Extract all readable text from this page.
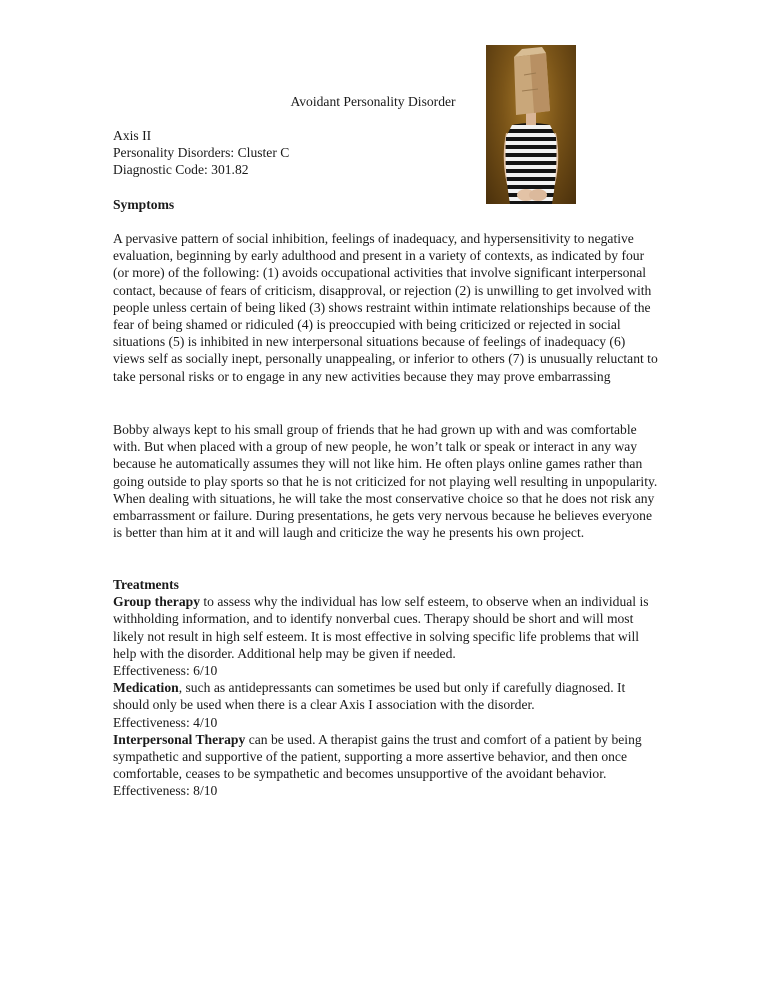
Avoidant Personality Disorder

Axis II

Personality Disorders: Cluster C

Diagnostic Code: 301.82

Symptoms

A pervasive pattern of social inhibition, feelings of inadequacy, and hypersensitivity to negative evaluation, beginning by early adulthood and present in a variety of contexts, as indicated by four (or more) of the following: (1) avoids occupational activities that involve significant interpersonal contact, because of fears of criticism, disapproval, or rejection (2) is unwilling to get involved with people unless certain of being liked (3) shows restraint within intimate relationships because of the fear of being shamed or ridiculed (4) is preoccupied with being criticized or rejected in social situations (5) is inhibited in new interpersonal situations because of feelings of inadequacy (6) views self as socially inept, personally unappealing, or inferior to others (7) is unusually reluctant to take personal risks or to engage in any new activities because they may prove embarrassing

Bobby always kept to his small group of friends that he had grown up with and was comfortable with. But when placed with a group of new people, he won’t talk or speak or interact in any way because he automatically assumes they will not like him. He often plays online games rather than going outside to play sports so that he is not criticized for not playing well resulting in unpopularity. When dealing with situations, he will take the most conservative choice so that he does not risk any embarrassment or failure. During presentations, he gets very nervous because he believes everyone is better than him at it and will laugh and criticize the way he presents his own project.

Treatments

Group therapy to assess why the individual has low self esteem, to observe when an individual is withholding information, and to identify nonverbal cues. Therapy should be short and will most likely not result in high self esteem. It is most effective in solving specific life problems that will help with the disorder. Additional help may be given if needed.

Effectiveness: 6/10

Medication, such as antidepressants can sometimes be used but only if carefully diagnosed. It should only be used when there is a clear Axis I association with the disorder.

Effectiveness: 4/10

Interpersonal Therapy can be used. A therapist gains the trust and comfort of a patient by being sympathetic and supportive of the patient, supporting a more assertive behavior, and then once comfortable, ceases to be sympathetic and becomes unsupportive of the avoidant behavior.

Effectiveness: 8/10
